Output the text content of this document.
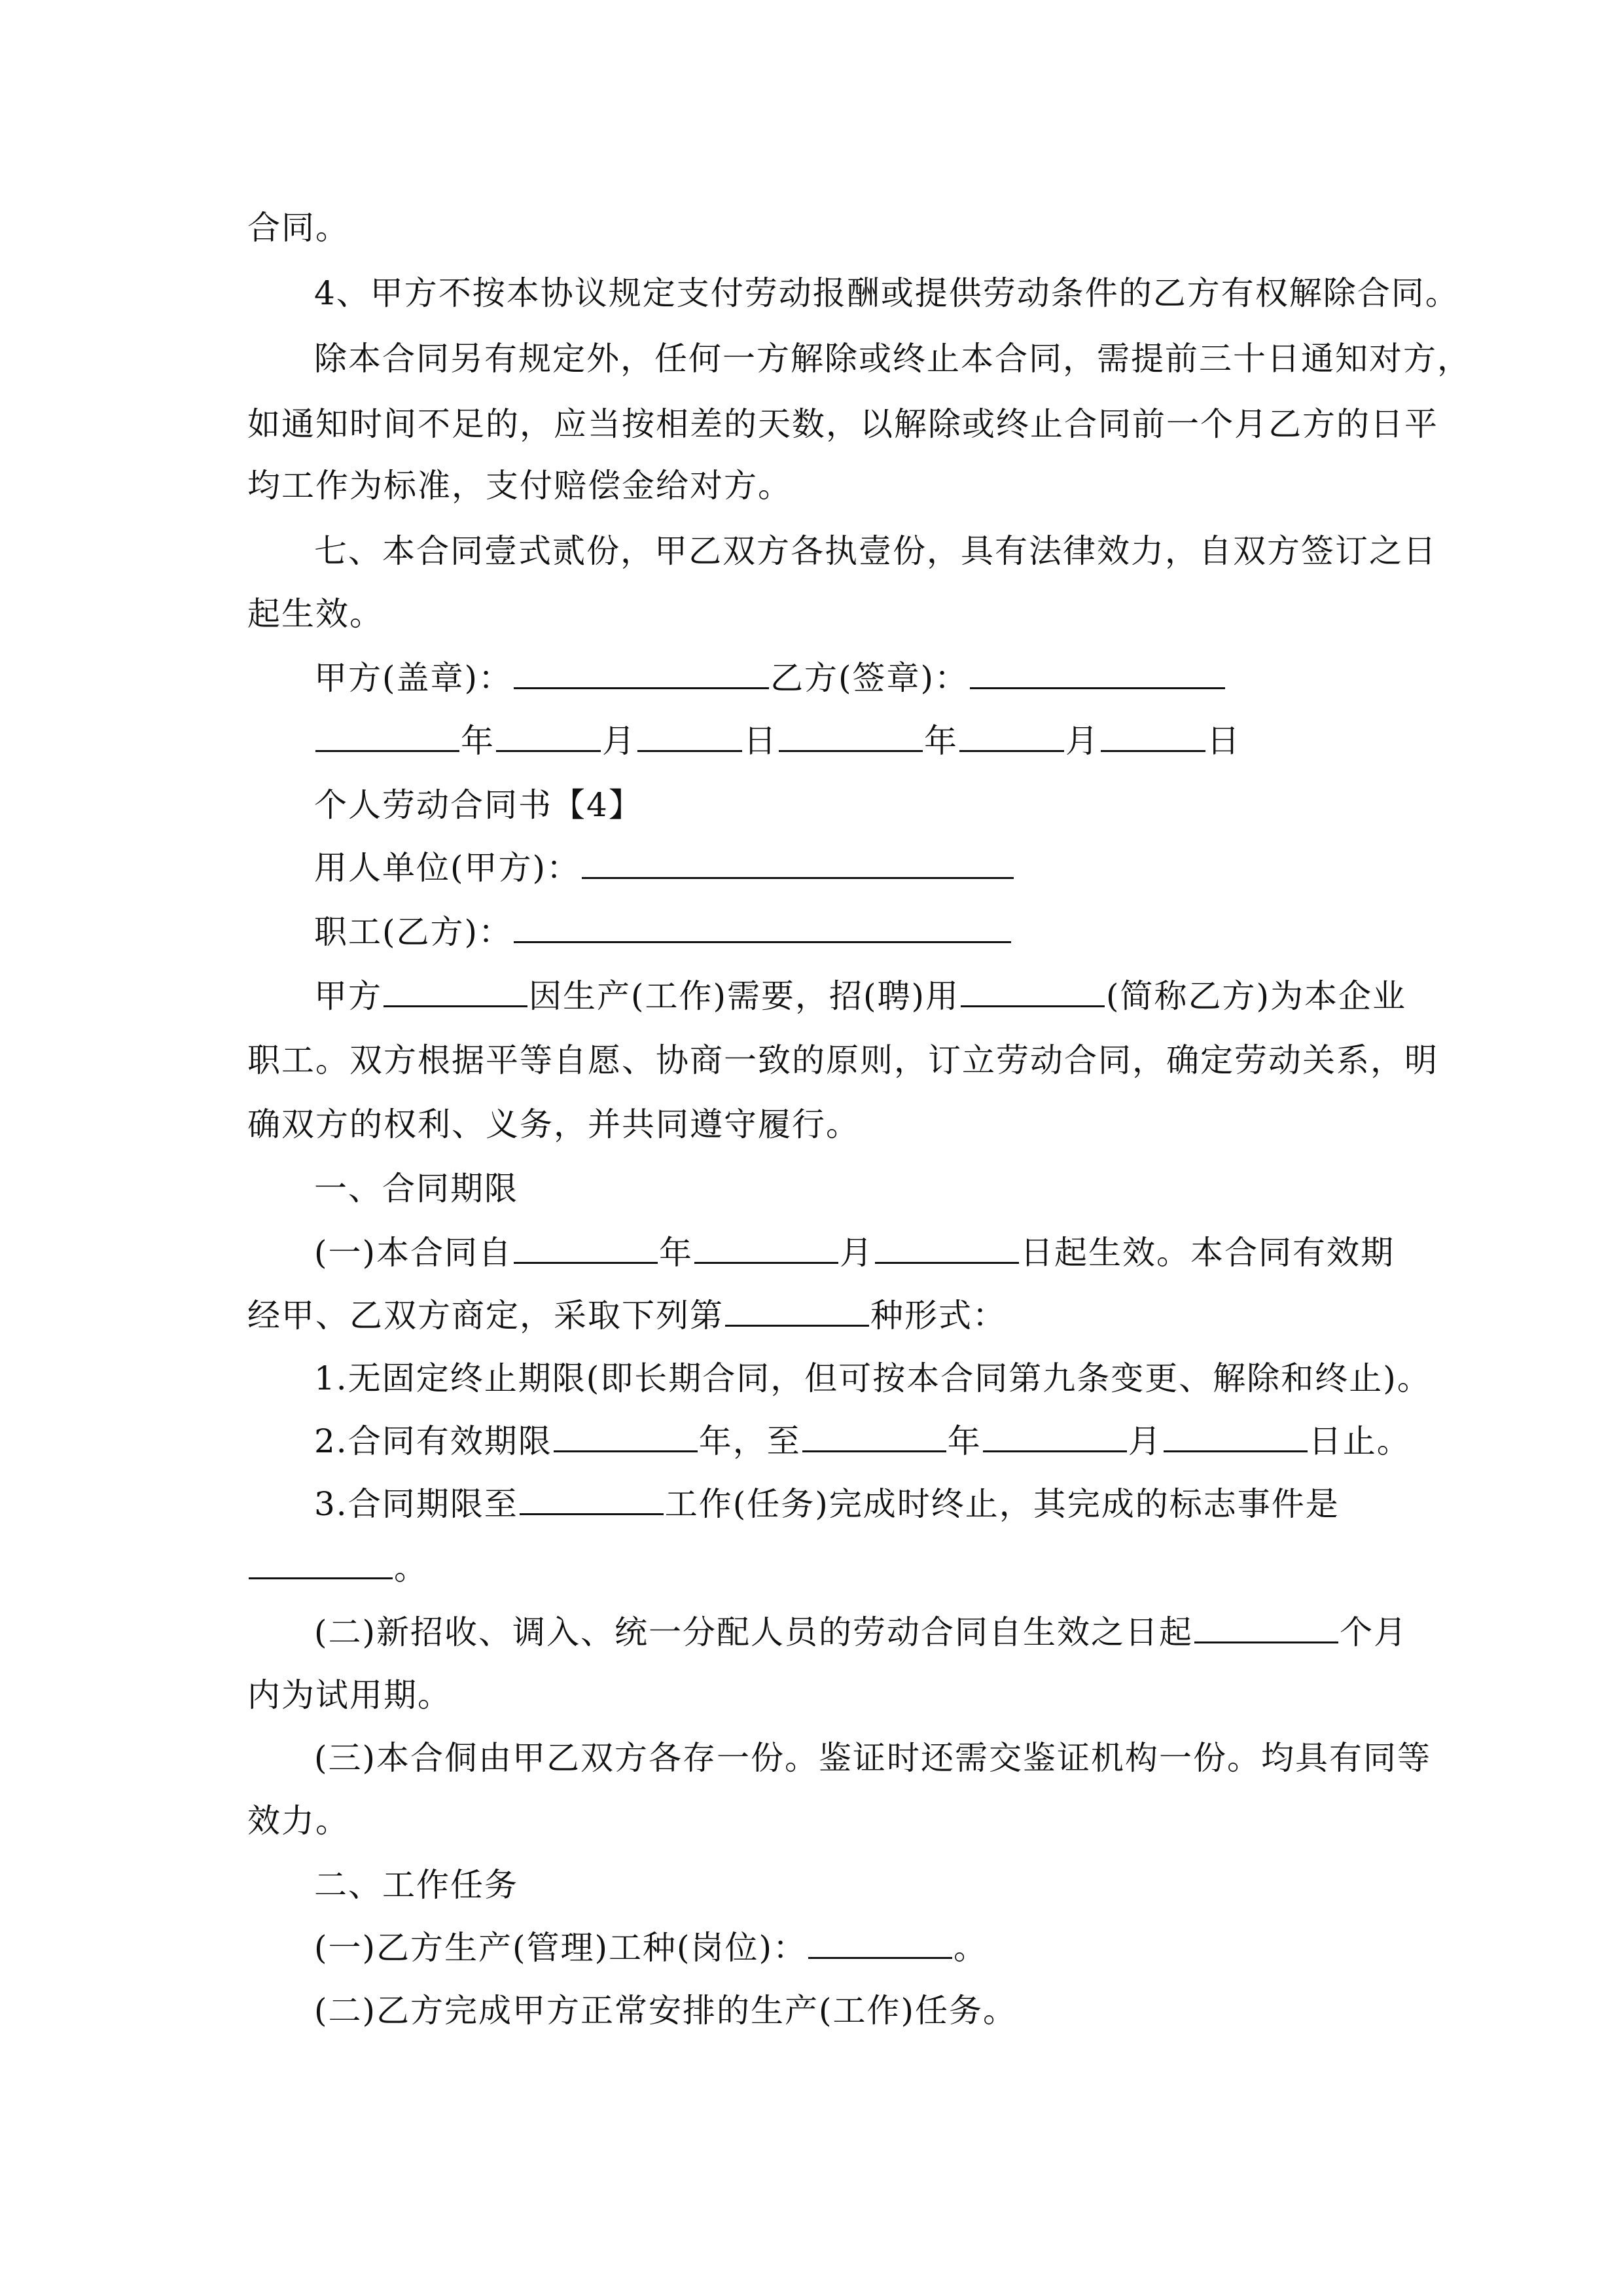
合同。
4、甲方不按本协议规定支付劳动报酬或提供劳动条件的乙方有权解除合同。
除本合同另有规定外，任何一方解除或终止本合同，需提前三十日通知对方，
如通知时间不足的，应当按相差的天数，以解除或终止合同前一个月乙方的日平
均工作为标准，支付赔偿金给对方。
七、本合同壹式贰份，甲乙双方各执壹份，具有法律效力，自双方签订之日
起生效。
甲方(盖章)：	乙方(签章)：
年	月	日	年	月	日
个人劳动合同书【4】
用人单位(甲方)：
职工(乙方)：
甲方	因生产(工作)需要，招(聘)用	(简称乙方)为本企业
职工。双方根据平等自愿、协商一致的原则，订立劳动合同，确定劳动关系，明
确双方的权利、义务，并共同遵守履行。
一、合同期限
(一)本合同自	年	月	日起生效。本合同有效期
经甲、乙双方商定，采取下列第	种形式：
1.无固定终止期限(即长期合同，但可按本合同第九条变更、解除和终止)。
2.合同有效期限	年，至	年	月	日止。
3.合同期限至	工作(任务)完成时终止，其完成的标志事件是
。
(二)新招收、调入、统一分配人员的劳动合同自生效之日起	个月
内为试用期。
(三)本合侗由甲乙双方各存一份。鉴证时还需交鉴证机构一份。均具有同等
效力。
二、工作任务
(一)乙方生产(管理)工种(岗位)：	。
(二)乙方完成甲方正常安排的生产(工作)任务。
